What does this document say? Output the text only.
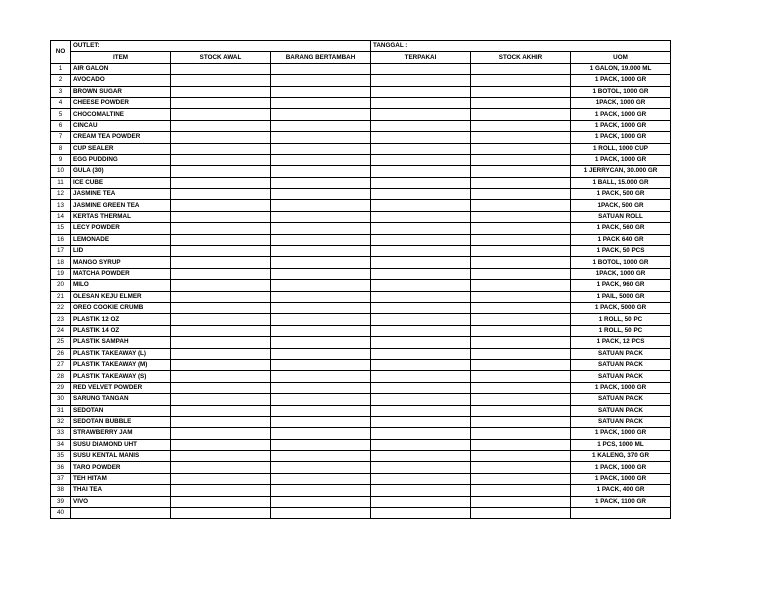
NO	OUTLET:			TANGGAL :		
	ITEM	STOCK AWAL	BARANG BERTAMBAH	TERPAKAI	STOCK AKHIR	UOM
1	AIR GALON					1 GALON, 19.000 ML
2	AVOCADO					1 PACK, 1000 GR
3	BROWN SUGAR					1 BOTOL, 1000 GR
4	CHEESE POWDER					1PACK, 1000 GR
5	CHOCOMALTINE					1 PACK, 1000 GR
6	CINCAU					1 PACK, 1000 GR
7	CREAM TEA POWDER					1 PACK, 1000 GR
8	CUP SEALER					1 ROLL, 1000 CUP
9	EGG PUDDING					1 PACK, 1000 GR
10	GULA (30)					1 JERRYCAN, 30.000 GR
11	ICE CUBE					1 BALL, 15.000 GR
12	JASMINE TEA					1 PACK, 500 GR
13	JASMINE GREEN TEA					1PACK, 500 GR
14	KERTAS THERMAL					SATUAN ROLL
15	LECY POWDER					1 PACK, 560 GR
16	LEMONADE					1 PACK 640 GR
17	LID					1 PACK, 50 PCS
18	MANGO SYRUP					1 BOTOL, 1000 GR
19	MATCHA POWDER					1PACK, 1000 GR
20	MILO					1 PACK, 960 GR
21	OLESAN KEJU ELMER					1 PAIL, 5000 GR
22	OREO COOKIE CRUMB					1 PACK, 5000 GR
23	PLASTIK 12 OZ					1 ROLL, 50 PC
24	PLASTIK 14 OZ					1 ROLL, 50 PC
25	PLASTIK SAMPAH					1 PACK, 12 PCS
26	PLASTIK TAKEAWAY (L)					SATUAN PACK
27	PLASTIK TAKEAWAY (M)					SATUAN PACK
28	PLASTIK TAKEAWAY (S)					SATUAN PACK
29	RED VELVET POWDER					1 PACK, 1000 GR
30	SARUNG TANGAN					SATUAN PACK
31	SEDOTAN					SATUAN PACK
32	SEDOTAN BUBBLE					SATUAN PACK
33	STRAWBERRY JAM					1 PACK, 1000 GR
34	SUSU DIAMOND UHT					1 PCS, 1000 ML
35	SUSU KENTAL MANIS					1 KALENG, 370 GR
36	TARO POWDER					1 PACK, 1000 GR
37	TEH HITAM					1 PACK, 1000 GR
38	THAI TEA					1 PACK, 400 GR
39	VIVO					1 PACK, 1100 GR
40						
